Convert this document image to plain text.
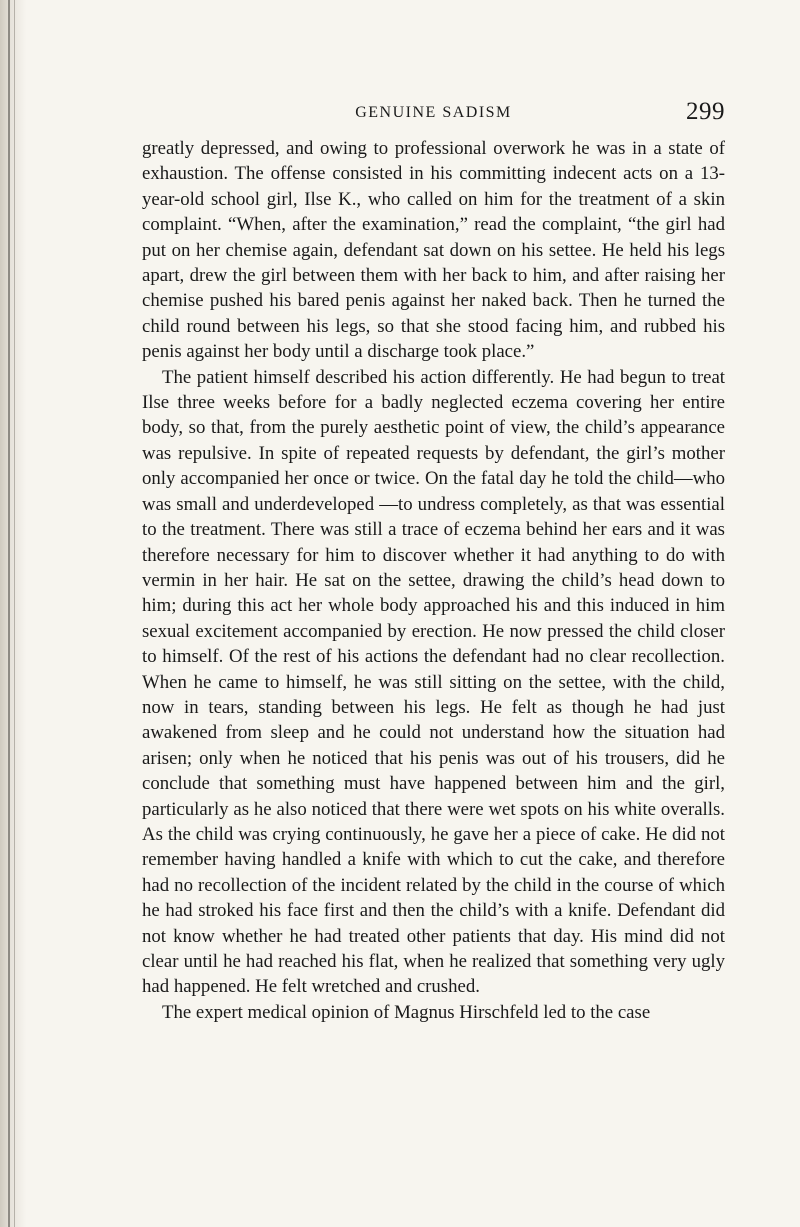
GENUINE SADISM	299

greatly depressed, and owing to professional overwork he was in a state of exhaustion. The offense consisted in his committing indecent acts on a 13-year-old school girl, Ilse K., who called on him for the treatment of a skin complaint. “When, after the examination,” read the complaint, “the girl had put on her chemise again, defendant sat down on his settee. He held his legs apart, drew the girl between them with her back to him, and after raising her chemise pushed his bared penis against her naked back. Then he turned the child round between his legs, so that she stood facing him, and rubbed his penis against her body until a discharge took place.”

The patient himself described his action differently. He had begun to treat Ilse three weeks before for a badly neglected eczema covering her entire body, so that, from the purely aesthetic point of view, the child’s appearance was repulsive. In spite of repeated requests by defendant, the girl’s mother only accompanied her once or twice. On the fatal day he told the child—who was small and underdeveloped —to undress completely, as that was essential to the treatment. There was still a trace of eczema behind her ears and it was therefore necessary for him to discover whether it had anything to do with vermin in her hair. He sat on the settee, drawing the child’s head down to him; during this act her whole body approached his and this induced in him sexual excitement accompanied by erection. He now pressed the child closer to himself. Of the rest of his actions the defendant had no clear recollection. When he came to himself, he was still sitting on the settee, with the child, now in tears, standing between his legs. He felt as though he had just awakened from sleep and he could not understand how the situation had arisen; only when he noticed that his penis was out of his trousers, did he conclude that something must have happened between him and the girl, particularly as he also noticed that there were wet spots on his white overalls. As the child was crying continuously, he gave her a piece of cake. He did not remember having handled a knife with which to cut the cake, and therefore had no recollection of the incident related by the child in the course of which he had stroked his face first and then the child’s with a knife. Defendant did not know whether he had treated other patients that day. His mind did not clear until he had reached his flat, when he realized that something very ugly had happened. He felt wretched and crushed.

The expert medical opinion of Magnus Hirschfeld led to the case
